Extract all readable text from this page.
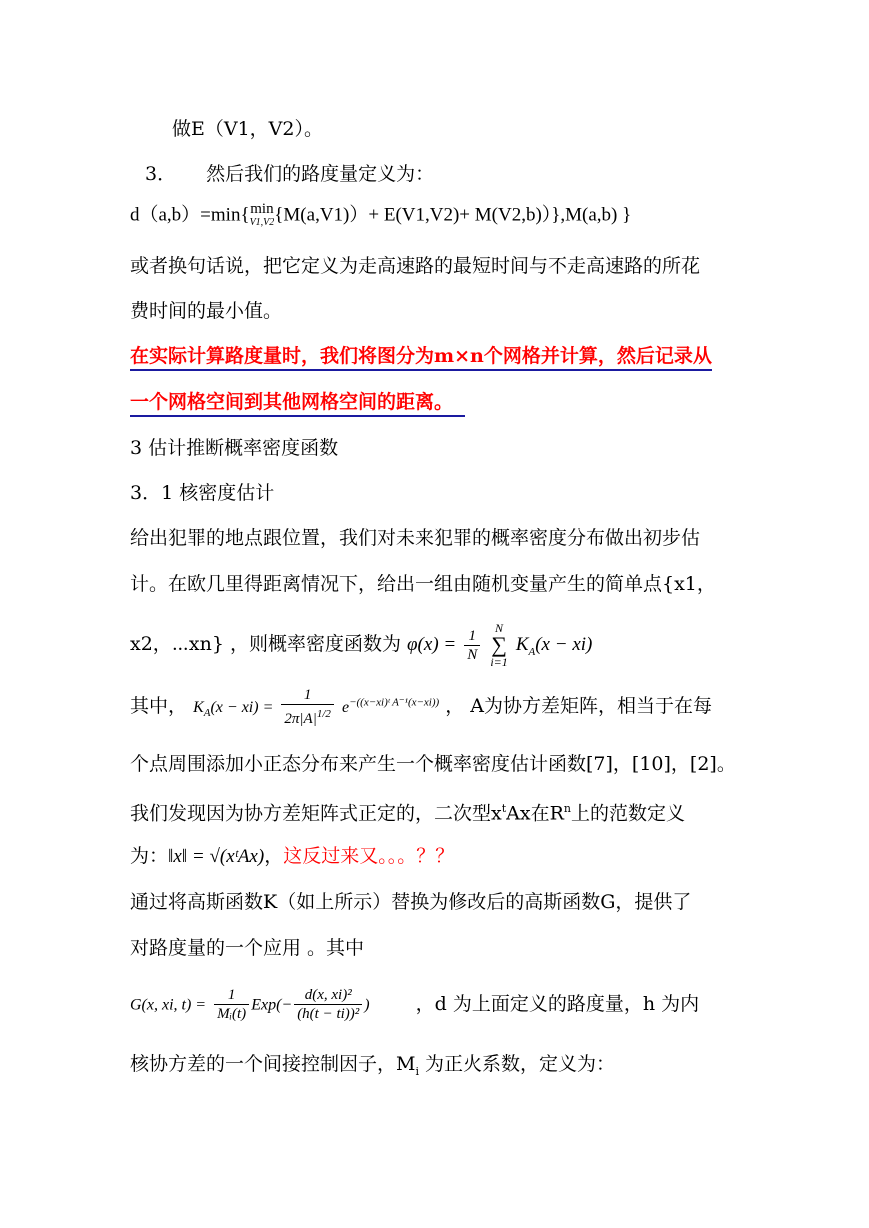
做E（V1，V2）。
3． 然后我们的路度量定义为：
d（a,b）=min{ min
V1,V2 {M(a,V1)）+ E(V1,V2)+ M(V2,b)）},M(a,b) }
或者换句话说，把它定义为走高速路的最短时间与不走高速路的所花
费时间的最小值。
在实际计算路度量时，我们将图分为m×n个网格并计算，然后记录从
一个网格空间到其他网格空间的距离。
3 估计推断概率密度函数
3．1 核密度估计
给出犯罪的地点跟位置，我们对未来犯罪的概率密度分布做出初步估
计。在欧几里得距离情况下，给出一组由随机变量产生的简单点{x1，
x2，⋯xn} ，则概率密度函数为 $\varphi(x) = \frac{1}{N}$ N
∑
i=1 $K_A(x - xi)$
其中， $K_A(x - xi) = \frac{1}{2\pi|A|^{1/2}} e^{-((x-xi)ᵗ A^{-1}(x-xi))}$ ， A为协方差矩阵，相当于在每
个点周围添加小正态分布来产生一个概率密度估计函数[7]，[10]，[2]。
我们发现因为协方差矩阵式正定的，二次型$x^tAx$在$R^n$上的范数定义
为：‖x‖ = √(xᵗAx)，这反过来又。。。？？
通过将高斯函数K（如上所示）替换为修改后的高斯函数G，提供了
对路度量的一个应用 。其中
G(x, xi, $t) = \frac{1}{\text{Mᵢ(t)}} Exp(- \frac{\text{d(x, xi)²}}{\text{(h(t − ti))²}}$ ) ，d 为上面定义的路度量，h 为内
核协方差的一个间接控制因子，$M_i$ 为正火系数，定义为：
